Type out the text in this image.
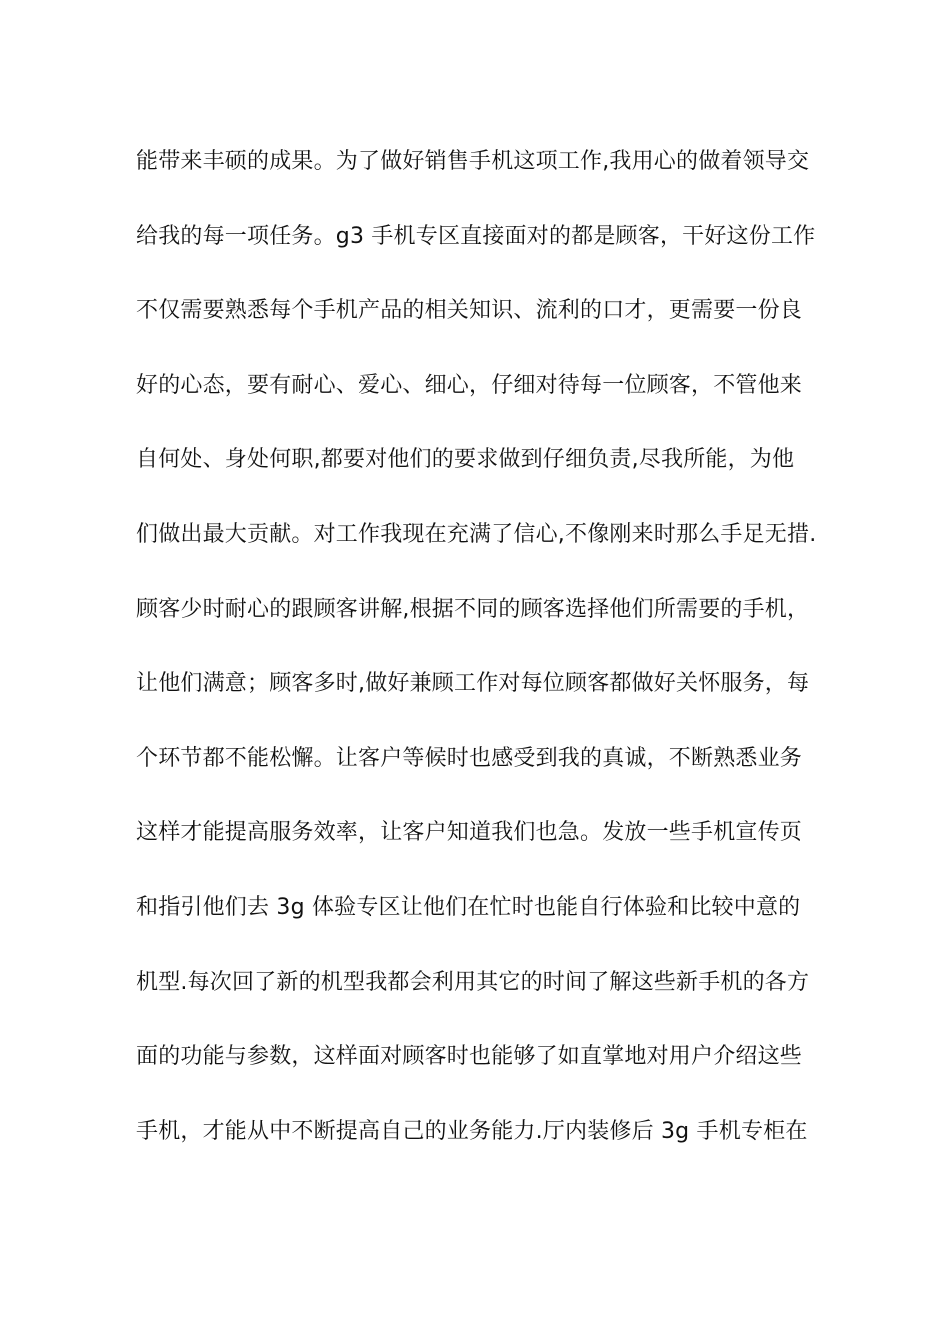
能带来丰硕的成果。为了做好销售手机这项工作,我用心的做着领导交
给我的每一项任务。g3 手机专区直接面对的都是顾客，干好这份工作
不仅需要熟悉每个手机产品的相关知识、流利的口才，更需要一份良
好的心态，要有耐心、爱心、细心，仔细对待每一位顾客，不管他来
自何处、身处何职,都要对他们的要求做到仔细负责,尽我所能，为他
们做出最大贡献。对工作我现在充满了信心,不像刚来时那么手足无措.
顾客少时耐心的跟顾客讲解,根据不同的顾客选择他们所需要的手机，
让他们满意；顾客多时,做好兼顾工作对每位顾客都做好关怀服务，每
个环节都不能松懈。让客户等候时也感受到我的真诚，不断熟悉业务
这样才能提高服务效率，让客户知道我们也急。发放一些手机宣传页
和指引他们去 3g 体验专区让他们在忙时也能自行体验和比较中意的
机型.每次回了新的机型我都会利用其它的时间了解这些新手机的各方
面的功能与参数，这样面对顾客时也能够了如直掌地对用户介绍这些
手机，才能从中不断提高自己的业务能力.厅内装修后 3g 手机专柜在
